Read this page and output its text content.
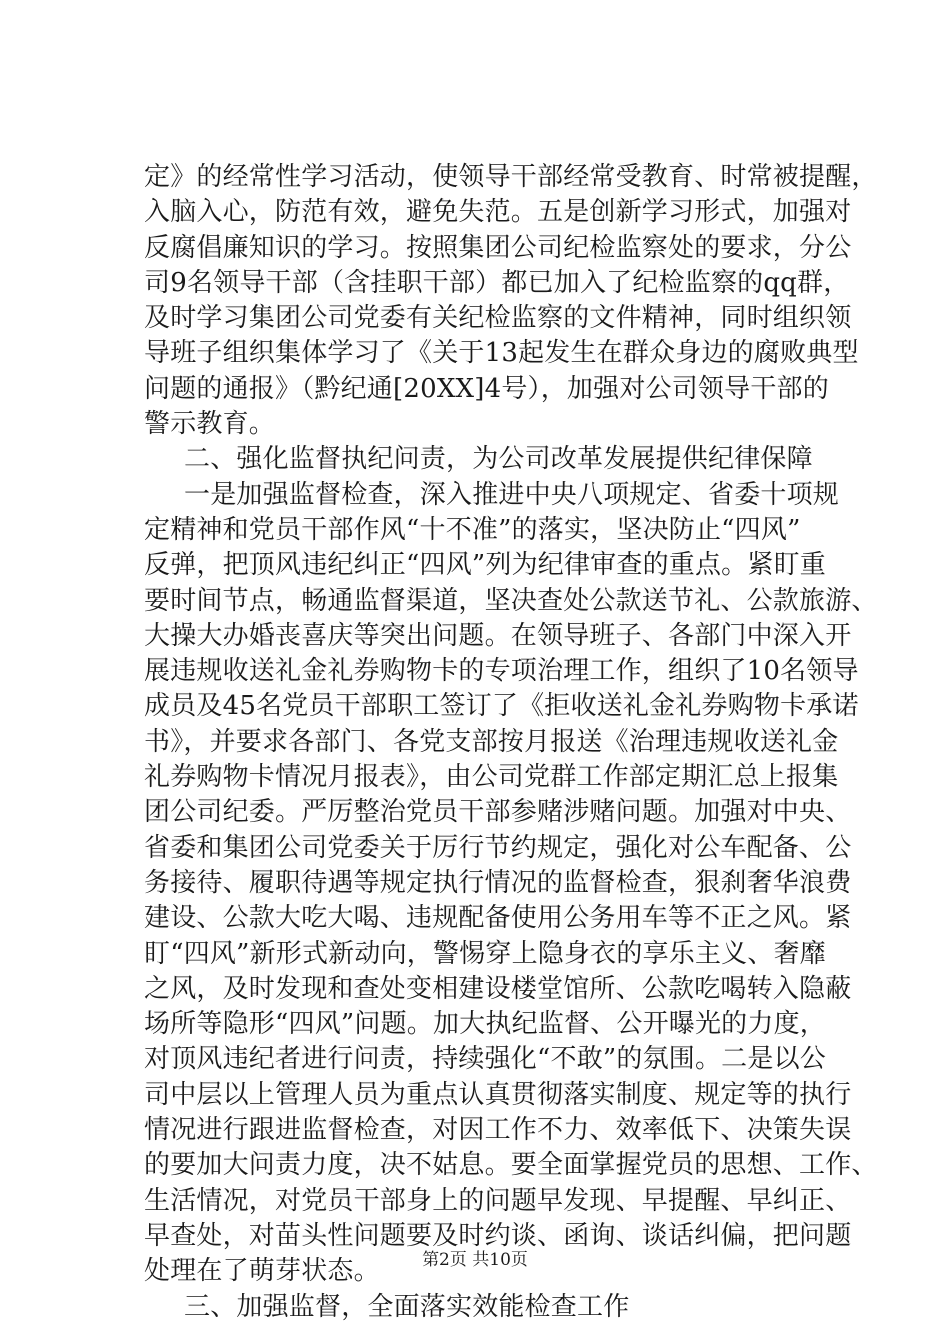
定》的经常性学习活动，使领导干部经常受教育、时常被提醒，
入脑入心，防范有效，避免失范。五是创新学习形式，加强对
反腐倡廉知识的学习。按照集团公司纪检监察处的要求，分公
司9名领导干部（含挂职干部）都已加入了纪检监察的qq群，
及时学习集团公司党委有关纪检监察的文件精神，同时组织领
导班子组织集体学习了《关于13起发生在群众身边的腐败典型
问题的通报》（黔纪通[20XX]4号），加强对公司领导干部的
警示教育。
二、强化监督执纪问责，为公司改革发展提供纪律保障
一是加强监督检查，深入推进中央八项规定、省委十项规
定精神和党员干部作风“十不准”的落实，坚决防止“四风”
反弹，把顶风违纪纠正“四风”列为纪律审查的重点。紧盯重
要时间节点，畅通监督渠道，坚决查处公款送节礼、公款旅游、
大操大办婚丧喜庆等突出问题。在领导班子、各部门中深入开
展违规收送礼金礼券购物卡的专项治理工作，组织了10名领导
成员及45名党员干部职工签订了《拒收送礼金礼券购物卡承诺
书》，并要求各部门、各党支部按月报送《治理违规收送礼金
礼券购物卡情况月报表》，由公司党群工作部定期汇总上报集
团公司纪委。严厉整治党员干部参赌涉赌问题。加强对中央、
省委和集团公司党委关于厉行节约规定，强化对公车配备、公
务接待、履职待遇等规定执行情况的监督检查，狠刹奢华浪费
建设、公款大吃大喝、违规配备使用公务用车等不正之风。紧
盯“四风”新形式新动向，警惕穿上隐身衣的享乐主义、奢靡
之风，及时发现和查处变相建设楼堂馆所、公款吃喝转入隐蔽
场所等隐形“四风”问题。加大执纪监督、公开曝光的力度，
对顶风违纪者进行问责，持续强化“不敢”的氛围。二是以公
司中层以上管理人员为重点认真贯彻落实制度、规定等的执行
情况进行跟进监督检查，对因工作不力、效率低下、决策失误
的要加大问责力度，决不姑息。要全面掌握党员的思想、工作、
生活情况，对党员干部身上的问题早发现、早提醒、早纠正、
早查处，对苗头性问题要及时约谈、函询、谈话纠偏，把问题
处理在了萌芽状态。
三、加强监督，全面落实效能检查工作
第2页 共10页
